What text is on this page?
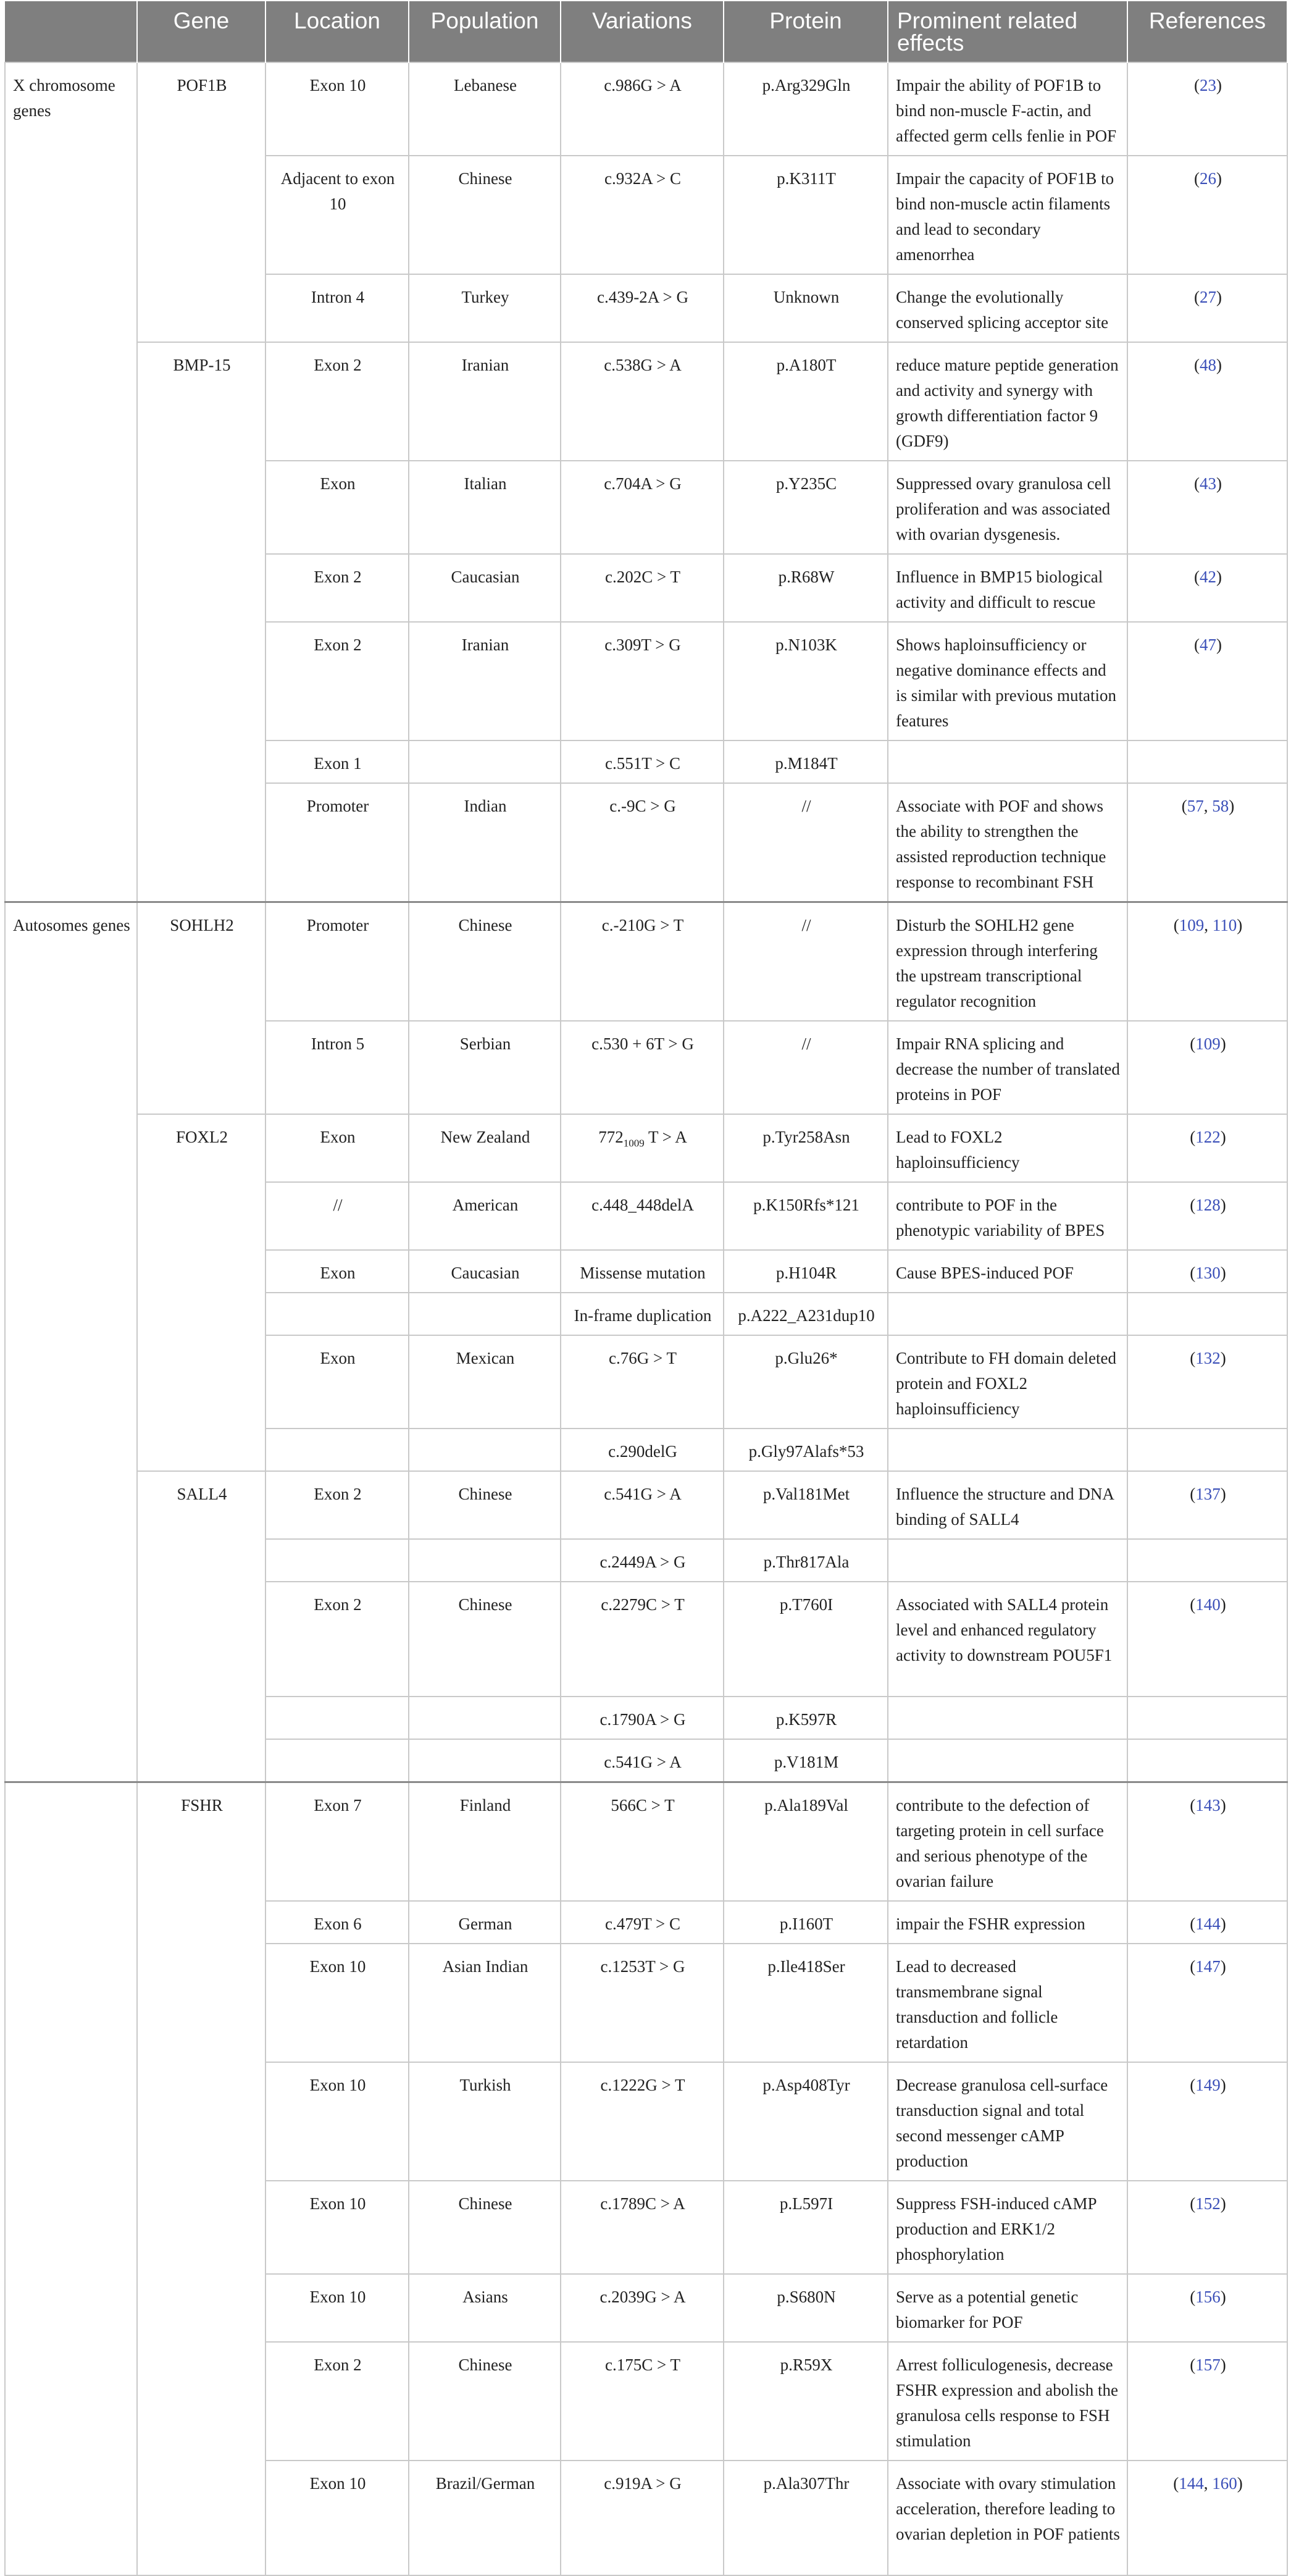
	Gene	Location	Population	Variations	Protein	Prominent related effects	References
X chromosome genes	POF1B	Exon 10	Lebanese	c.986G > A	p.Arg329Gln	Impair the ability of POF1B to bind non-muscle F-actin, and affected germ cells fenlie in POF	(23)
		Adjacent to exon 10	Chinese	c.932A > C	p.K311T	Impair the capacity of POF1B to bind non-muscle actin filaments and lead to secondary amenorrhea	(26)
		Intron 4	Turkey	c.439-2A > G	Unknown	Change the evolutionally conserved splicing acceptor site	(27)
	BMP-15	Exon 2	Iranian	c.538G > A	p.A180T	reduce mature peptide generation and activity and synergy with growth differentiation factor 9 (GDF9)	(48)
		Exon	Italian	c.704A > G	p.Y235C	Suppressed ovary granulosa cell proliferation and was associated with ovarian dysgenesis.	(43)
		Exon 2	Caucasian	c.202C > T	p.R68W	Influence in BMP15 biological activity and difficult to rescue	(42)
		Exon 2	Iranian	c.309T > G	p.N103K	Shows haploinsufficiency or negative dominance effects and is similar with previous mutation features	(47)
		Exon 1		c.551T > C	p.M184T		
		Promoter	Indian	c.-9C > G	//	Associate with POF and shows the ability to strengthen the assisted reproduction technique response to recombinant FSH	(57, 58)
Autosomes genes	SOHLH2	Promoter	Chinese	c.-210G > T	//	Disturb the SOHLH2 gene expression through interfering the upstream transcriptional regulator recognition	(109, 110)
		Intron 5	Serbian	c.530 + 6T > G	//	Impair RNA splicing and decrease the number of translated proteins in POF	(109)
	FOXL2	Exon	New Zealand	$772_{1009}$ T > A	p.Tyr258Asn	Lead to FOXL2 haploinsufficiency	(122)
		//	American	c.448_448delA	p.K150Rfs*121	contribute to POF in the phenotypic variability of BPES	(128)
		Exon	Caucasian	Missense mutation	p.H104R	Cause BPES-induced POF	(130)
				In-frame duplication	p.A222_A231dup10		
		Exon	Mexican	c.76G > T	p.Glu26*	Contribute to FH domain deleted protein and FOXL2 haploinsufficiency	(132)
				c.290delG	p.Gly97Alafs*53		
	SALL4	Exon 2	Chinese	c.541G > A	p.Val181Met	Influence the structure and DNA binding of SALL4	(137)
				c.2449A > G	p.Thr817Ala		
		Exon 2	Chinese	c.2279C > T	p.T760I	Associated with SALL4 protein level and enhanced regulatory activity to downstream POU5F1	(140)
				c.1790A > G	p.K597R		
				c.541G > A	p.V181M		
	FSHR	Exon 7	Finland	566C > T	p.Ala189Val	contribute to the defection of targeting protein in cell surface and serious phenotype of the ovarian failure	(143)
		Exon 6	German	c.479T > C	p.I160T	impair the FSHR expression	(144)
		Exon 10	Asian Indian	c.1253T > G	p.Ile418Ser	Lead to decreased transmembrane signal transduction and follicle retardation	(147)
		Exon 10	Turkish	c.1222G > T	p.Asp408Tyr	Decrease granulosa cell-surface transduction signal and total second messenger cAMP production	(149)
		Exon 10	Chinese	c.1789C > A	p.L597I	Suppress FSH-induced cAMP production and ERK1/2 phosphorylation	(152)
		Exon 10	Asians	c.2039G > A	p.S680N	Serve as a potential genetic biomarker for POF	(156)
		Exon 2	Chinese	c.175C > T	p.R59X	Arrest folliculogenesis, decrease FSHR expression and abolish the granulosa cells response to FSH stimulation	(157)
		Exon 10	Brazil/German	c.919A > G	p.Ala307Thr	Associate with ovary stimulation acceleration, therefore leading to ovarian depletion in POF patients	(144, 160)
